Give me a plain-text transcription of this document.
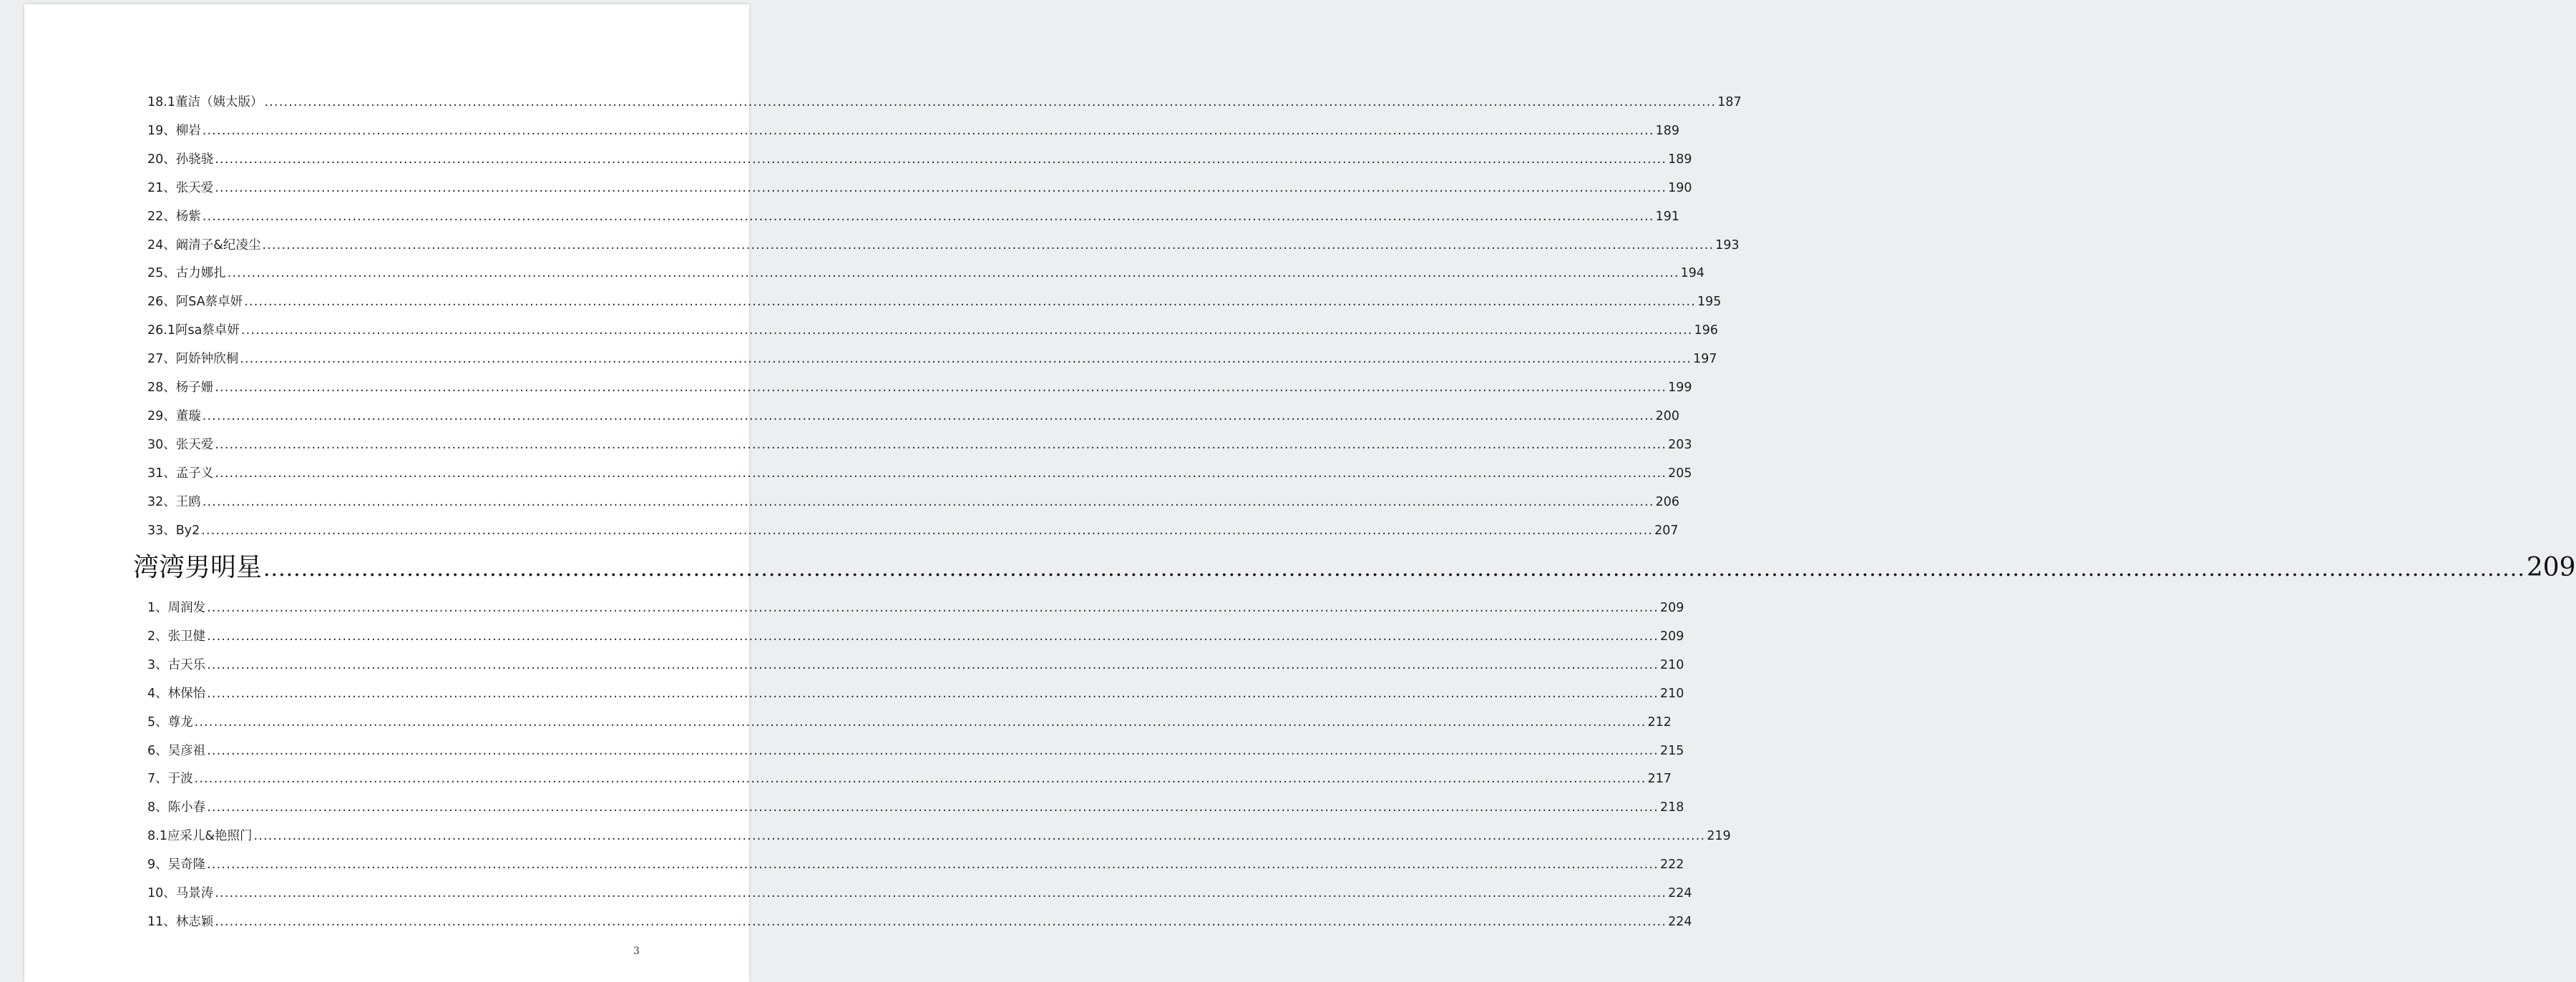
18.1董洁（姨太版） ............................................................................................................................................................................................................................................................................................................ 187
19、柳岩 ............................................................................................................................................................................................................................................................................................................ 189
20、孙骁骁 ............................................................................................................................................................................................................................................................................................................ 189
21、张天爱 ............................................................................................................................................................................................................................................................................................................ 190
22、杨紫 ............................................................................................................................................................................................................................................................................................................ 191
24、阚清子&纪凌尘 ............................................................................................................................................................................................................................................................................................................ 193
25、古力娜扎 ............................................................................................................................................................................................................................................................................................................ 194
26、阿SA蔡卓妍 ............................................................................................................................................................................................................................................................................................................ 195
26.1阿sa蔡卓妍 ............................................................................................................................................................................................................................................................................................................ 196
27、阿娇钟欣桐 ............................................................................................................................................................................................................................................................................................................ 197
28、杨子姗 ............................................................................................................................................................................................................................................................................................................ 199
29、董璇 ............................................................................................................................................................................................................................................................................................................ 200
30、张天爱 ............................................................................................................................................................................................................................................................................................................ 203
31、孟子义 ............................................................................................................................................................................................................................................................................................................ 205
32、王鸥 ............................................................................................................................................................................................................................................................................................................ 206
33、By2 ............................................................................................................................................................................................................................................................................................................ 207
湾湾男明星 ............................................................................................................................................................................................................................................................................................................ 209
1、周润发 ............................................................................................................................................................................................................................................................................................................ 209
2、张卫健 ............................................................................................................................................................................................................................................................................................................ 209
3、古天乐 ............................................................................................................................................................................................................................................................................................................ 210
4、林保怡 ............................................................................................................................................................................................................................................................................................................ 210
5、尊龙 ............................................................................................................................................................................................................................................................................................................ 212
6、吴彦祖 ............................................................................................................................................................................................................................................................................................................ 215
7、于波 ............................................................................................................................................................................................................................................................................................................ 217
8、陈小春 ............................................................................................................................................................................................................................................................................................................ 218
8.1应采儿&艳照门 ............................................................................................................................................................................................................................................................................................................ 219
9、吴奇隆 ............................................................................................................................................................................................................................................................................................................ 222
10、马景涛 ............................................................................................................................................................................................................................................................................................................ 224
11、林志颖 ............................................................................................................................................................................................................................................................................................................ 224
3
